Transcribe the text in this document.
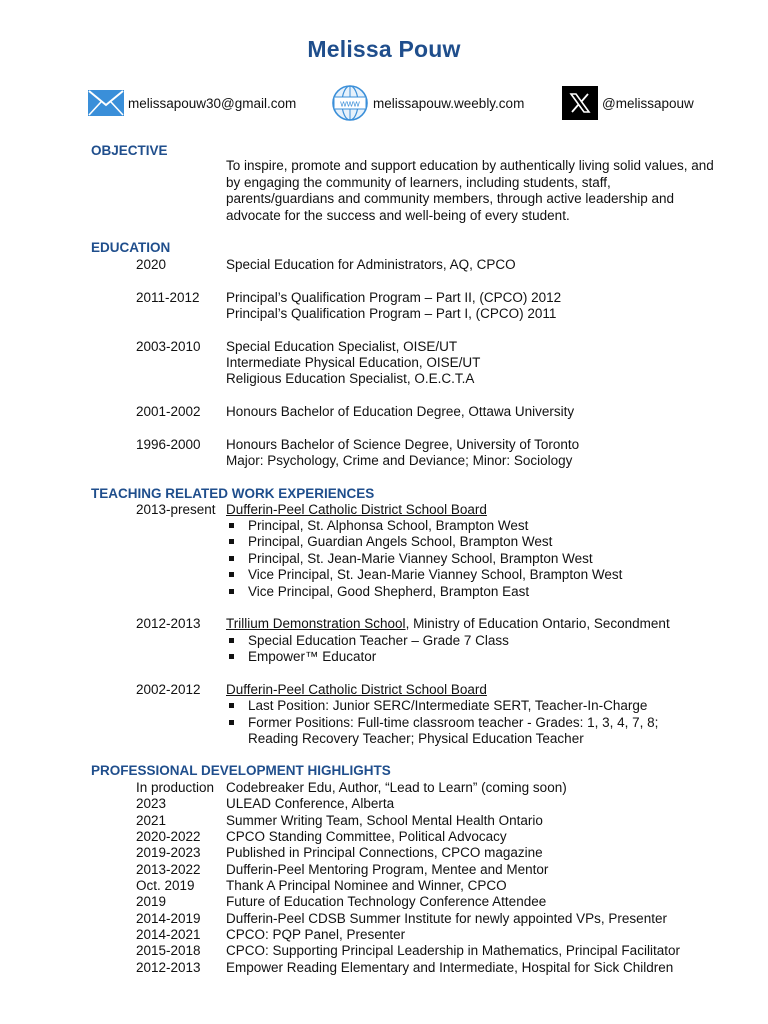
Melissa Pouw
melissapouw30@gmail.com	www melissapouw.weebly.com	@melissapouw
OBJECTIVE
To inspire, promote and support education by authentically living solid values, and
by engaging the community of learners, including students, staff,
parents/guardians and community members, through active leadership and
advocate for the success and well-being of every student.
EDUCATION
2020	Special Education for Administrators, AQ, CPCO
2011-2012 Principal’s Qualification Program – Part II, (CPCO) 2012
Principal’s Qualification Program – Part I, (CPCO) 2011
2003-2010 Special Education Specialist, OISE/UT
Intermediate Physical Education, OISE/UT
Religious Education Specialist, O.E.C.T.A
2001-2002 Honours Bachelor of Education Degree, Ottawa University
1996-2000 Honours Bachelor of Science Degree, University of Toronto
Major: Psychology, Crime and Deviance; Minor: Sociology
TEACHING RELATED WORK EXPERIENCES
2013-present Dufferin-Peel Catholic District School Board
Principal, St. Alphonsa School, Brampton West
Principal, Guardian Angels School, Brampton West
Principal, St. Jean-Marie Vianney School, Brampton West
Vice Principal, St. Jean-Marie Vianney School, Brampton West
Vice Principal, Good Shepherd, Brampton East
2012-2013 Trillium Demonstration School, Ministry of Education Ontario, Secondment
Special Education Teacher – Grade 7 Class
Empower™ Educator
2002-2012 Dufferin-Peel Catholic District School Board
Last Position: Junior SERC/Intermediate SERT, Teacher-In-Charge
Former Positions: Full-time classroom teacher - Grades: 1, 3, 4, 7, 8;
Reading Recovery Teacher; Physical Education Teacher
PROFESSIONAL DEVELOPMENT HIGHLIGHTS
In production Codebreaker Edu, Author, “Lead to Learn” (coming soon)
2023	ULEAD Conference, Alberta
2021	Summer Writing Team, School Mental Health Ontario
2020-2022 CPCO Standing Committee, Political Advocacy
2019-2023 Published in Principal Connections, CPCO magazine
2013-2022 Dufferin-Peel Mentoring Program, Mentee and Mentor
Oct. 2019 Thank A Principal Nominee and Winner, CPCO
2019	Future of Education Technology Conference Attendee
2014-2019 Dufferin-Peel CDSB Summer Institute for newly appointed VPs, Presenter
2014-2021 CPCO: PQP Panel, Presenter
2015-2018 CPCO: Supporting Principal Leadership in Mathematics, Principal Facilitator
2012-2013 Empower Reading Elementary and Intermediate, Hospital for Sick Children
